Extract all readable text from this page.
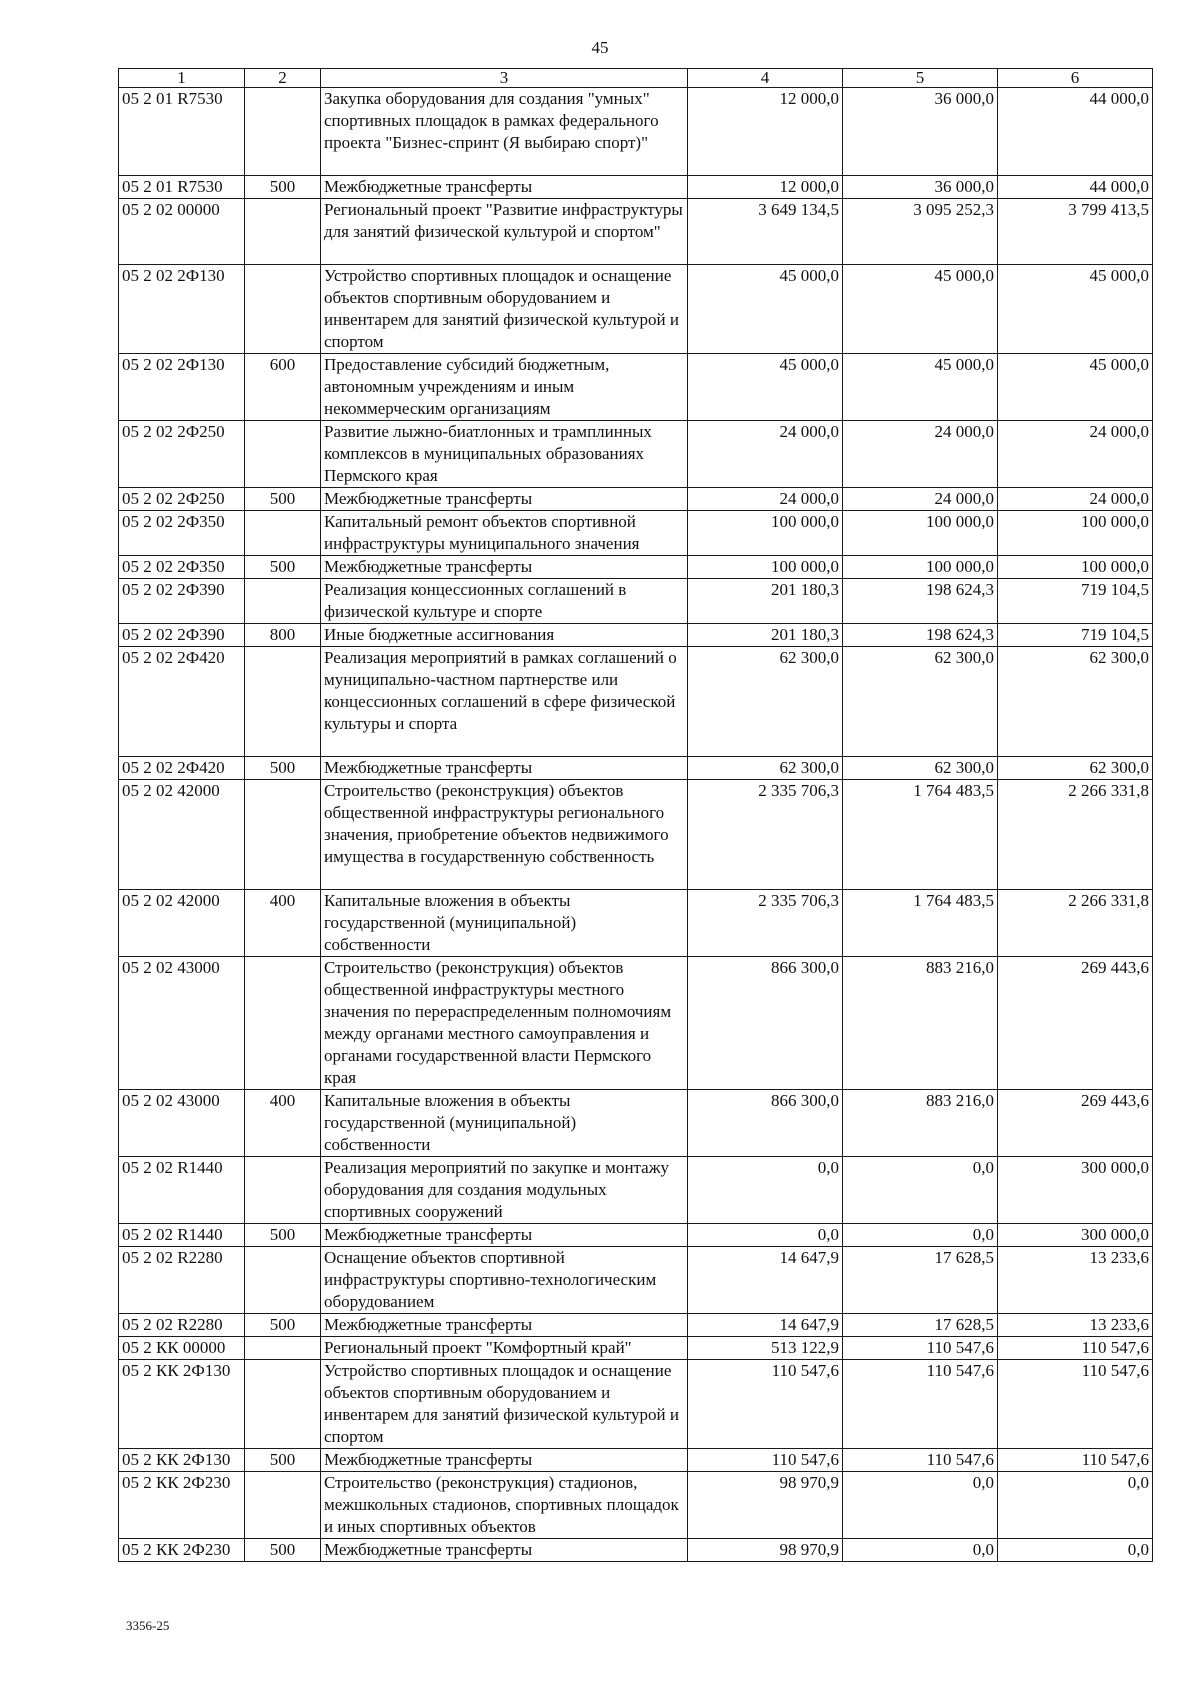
45
1	2	3	4	5	6
05 2 01 R7530		Закупка оборудования для создания "умных" спортивных площадок в рамках федерального проекта "Бизнес-спринт (Я выбираю спорт)"	12 000,0	36 000,0	44 000,0
05 2 01 R7530	500	Межбюджетные трансферты	12 000,0	36 000,0	44 000,0
05 2 02 00000		Региональный проект "Развитие инфраструктуры для занятий физической культурой и спортом"	3 649 134,5	3 095 252,3	3 799 413,5
05 2 02 2Ф130		Устройство спортивных площадок и оснащение объектов спортивным оборудованием и инвентарем для занятий физической культурой и спортом	45 000,0	45 000,0	45 000,0
05 2 02 2Ф130	600	Предоставление субсидий бюджетным, автономным учреждениям и иным некоммерческим организациям	45 000,0	45 000,0	45 000,0
05 2 02 2Ф250		Развитие лыжно-биатлонных и трамплинных комплексов в муниципальных образованиях Пермского края	24 000,0	24 000,0	24 000,0
05 2 02 2Ф250	500	Межбюджетные трансферты	24 000,0	24 000,0	24 000,0
05 2 02 2Ф350		Капитальный ремонт объектов спортивной инфраструктуры муниципального значения	100 000,0	100 000,0	100 000,0
05 2 02 2Ф350	500	Межбюджетные трансферты	100 000,0	100 000,0	100 000,0
05 2 02 2Ф390		Реализация концессионных соглашений в физической культуре и спорте	201 180,3	198 624,3	719 104,5
05 2 02 2Ф390	800	Иные бюджетные ассигнования	201 180,3	198 624,3	719 104,5
05 2 02 2Ф420		Реализация мероприятий в рамках соглашений о муниципально-частном партнерстве или концессионных соглашений в сфере физической культуры и спорта	62 300,0	62 300,0	62 300,0
05 2 02 2Ф420	500	Межбюджетные трансферты	62 300,0	62 300,0	62 300,0
05 2 02 42000		Строительство (реконструкция) объектов общественной инфраструктуры регионального значения, приобретение объектов недвижимого имущества в государственную собственность	2 335 706,3	1 764 483,5	2 266 331,8
05 2 02 42000	400	Капитальные вложения в объекты государственной (муниципальной) собственности	2 335 706,3	1 764 483,5	2 266 331,8
05 2 02 43000		Строительство (реконструкция) объектов общественной инфраструктуры местного значения по перераспределенным полномочиям между органами местного самоуправления и органами государственной власти Пермского края	866 300,0	883 216,0	269 443,6
05 2 02 43000	400	Капитальные вложения в объекты государственной (муниципальной) собственности	866 300,0	883 216,0	269 443,6
05 2 02 R1440		Реализация мероприятий по закупке и монтажу оборудования для создания модульных спортивных сооружений	0,0	0,0	300 000,0
05 2 02 R1440	500	Межбюджетные трансферты	0,0	0,0	300 000,0
05 2 02 R2280		Оснащение объектов спортивной инфраструктуры спортивно-технологическим оборудованием	14 647,9	17 628,5	13 233,6
05 2 02 R2280	500	Межбюджетные трансферты	14 647,9	17 628,5	13 233,6
05 2 КК 00000		Региональный проект "Комфортный край"	513 122,9	110 547,6	110 547,6
05 2 КК 2Ф130		Устройство спортивных площадок и оснащение объектов спортивным оборудованием и инвентарем для занятий физической культурой и спортом	110 547,6	110 547,6	110 547,6
05 2 КК 2Ф130	500	Межбюджетные трансферты	110 547,6	110 547,6	110 547,6
05 2 КК 2Ф230		Строительство (реконструкция) стадионов, межшкольных стадионов, спортивных площадок и иных спортивных объектов	98 970,9	0,0	0,0
05 2 КК 2Ф230	500	Межбюджетные трансферты	98 970,9	0,0	0,0
3356-25
